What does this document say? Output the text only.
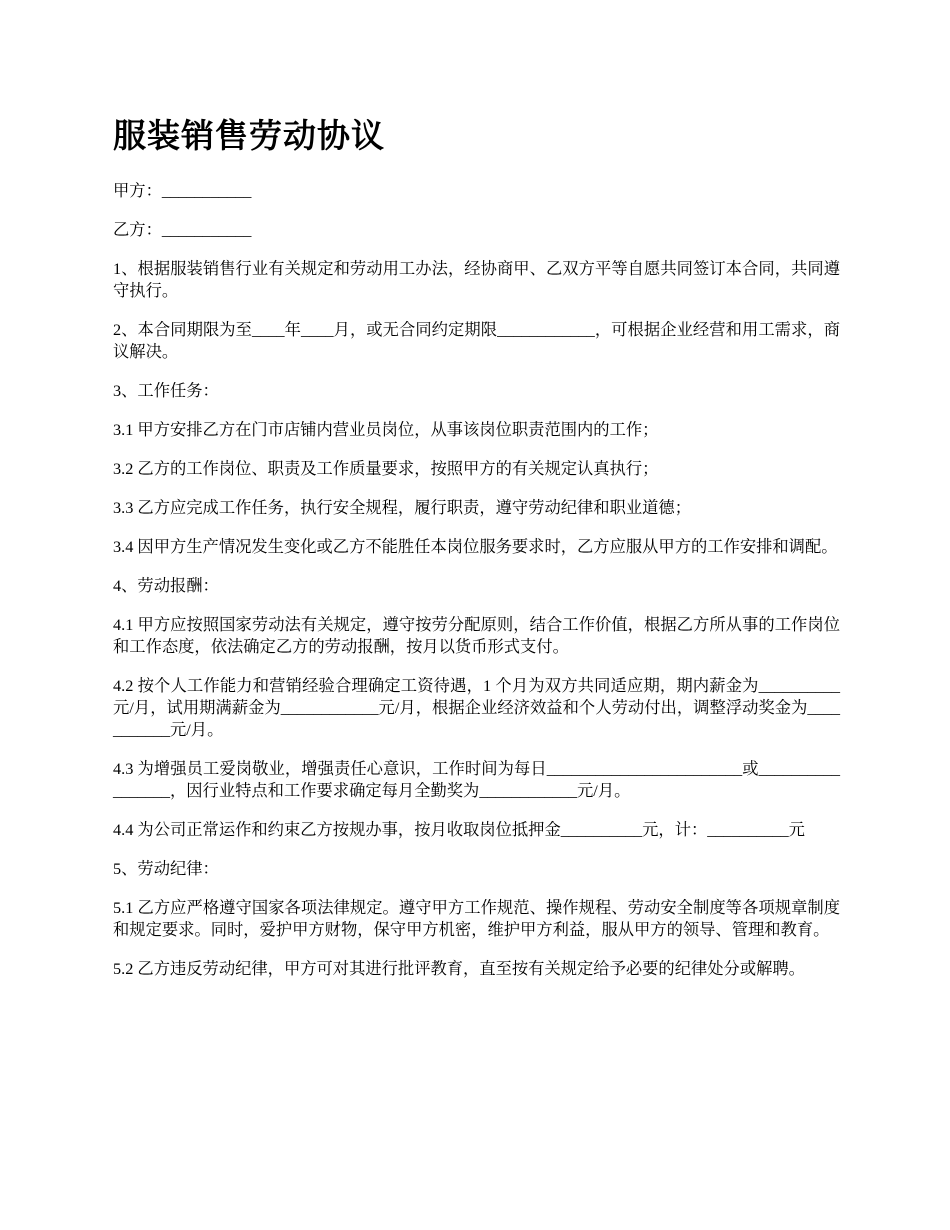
服装销售劳动协议

甲方：___________

乙方：___________

1、根据服装销售行业有关规定和劳动用工办法，经协商甲、乙双方平等自愿共同签订本合同，共同遵守执行。

2、本合同期限为至____年____月，或无合同约定期限____________，可根据企业经营和用工需求，商议解决。

3、工作任务：

3.1 甲方安排乙方在门市店铺内营业员岗位，从事该岗位职责范围内的工作；

3.2 乙方的工作岗位、职责及工作质量要求，按照甲方的有关规定认真执行；

3.3 乙方应完成工作任务，执行安全规程，履行职责，遵守劳动纪律和职业道德；

3.4 因甲方生产情况发生变化或乙方不能胜任本岗位服务要求时，乙方应服从甲方的工作安排和调配。

4、劳动报酬：

4.1 甲方应按照国家劳动法有关规定，遵守按劳分配原则，结合工作价值，根据乙方所从事的工作岗位和工作态度，依法确定乙方的劳动报酬，按月以货币形式支付。

4.2 按个人工作能力和营销经验合理确定工资待遇，1 个月为双方共同适应期，期内薪金为__________元/月，试用期满薪金为____________元/月，根据企业经济效益和个人劳动付出，调整浮动奖金为___________元/月。

4.3 为增强员工爱岗敬业，增强责任心意识，工作时间为每日________________________或_________________，因行业特点和工作要求确定每月全勤奖为____________元/月。

4.4 为公司正常运作和约束乙方按规办事，按月收取岗位抵押金__________元，计：__________元

5、劳动纪律：

5.1 乙方应严格遵守国家各项法律规定。遵守甲方工作规范、操作规程、劳动安全制度等各项规章制度和规定要求。同时，爱护甲方财物，保守甲方机密，维护甲方利益，服从甲方的领导、管理和教育。

5.2 乙方违反劳动纪律，甲方可对其进行批评教育，直至按有关规定给予必要的纪律处分或解聘。
